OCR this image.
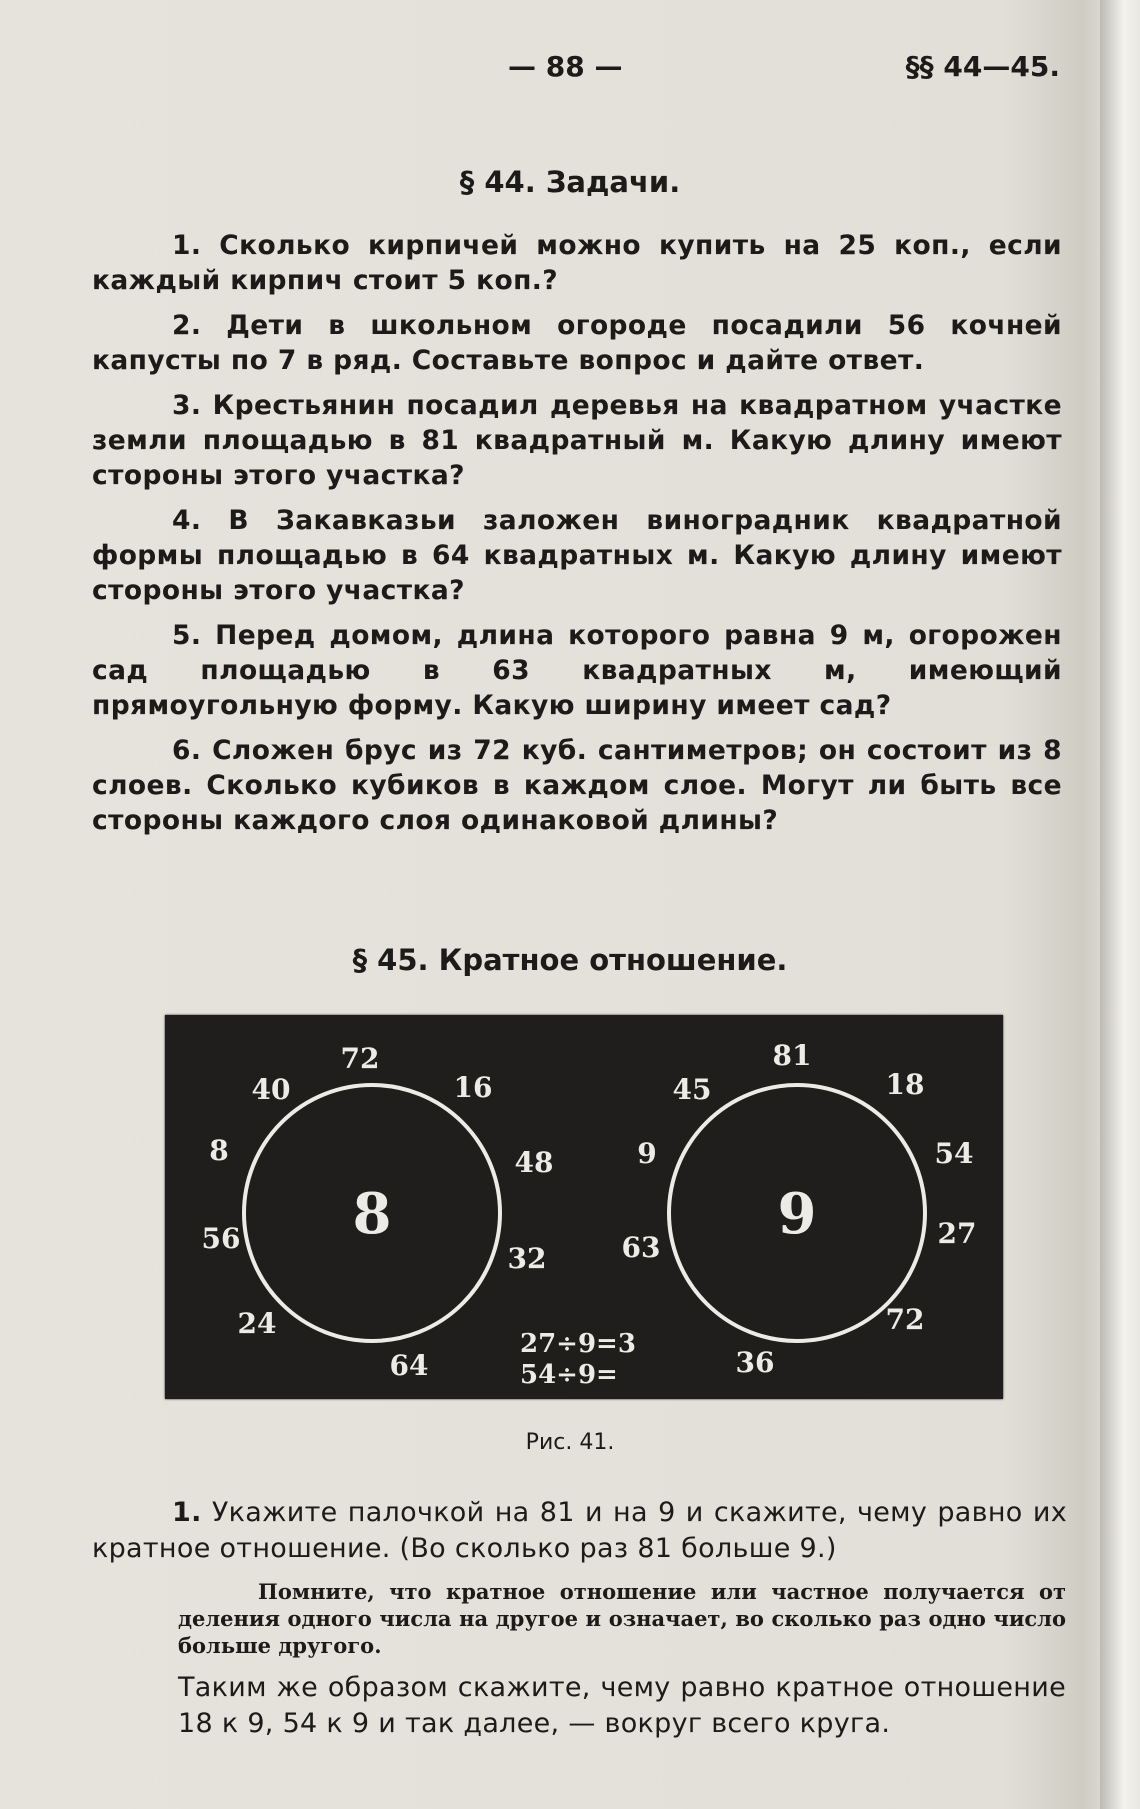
— 88 —	§§ 44—45.
§ 44. Задачи.

1. Сколько кирпичей можно купить на 25 коп., если каждый кирпич стоит 5 коп.?

2. Дети в школьном огороде посадили 56 кочней капусты по 7 в ряд. Составьте вопрос и дайте ответ.

3. Крестьянин посадил деревья на квадратном участке земли площадью в 81 квадратный м. Какую длину имеют стороны этого участка?

4. В Закавказьи заложен виноградник квадратной формы площадью в 64 квадратных м. Какую длину имеют стороны этого участка?

5. Перед домом, длина которого равна 9 м, огорожен сад площадью в 63 квадратных м, имеющий прямоугольную форму. Какую ширину имеет сад?

6. Сложен брус из 72 куб. сантиметров; он состоит из 8 слоев. Сколько кубиков в каждом слое. Могут ли быть все стороны каждого слоя одинаковой длины?

§ 45. Кратное отношение.
8	9
72
16
48
32
64
24
56
8
40
81
18
54
27
72
36
63
9
45
27÷9=3
54÷9=
Рис. 41.
1. Укажите палочкой на 81 и на 9 и скажите, чему равно их кратное отношение. (Во сколько раз 81 больше 9.)
Помните, что кратное отношение или частное получается от деления одного числа на другое и означает, во сколько раз одно число больше другого.
Таким же образом скажите, чему равно кратное отношение 18 к 9, 54 к 9 и так далее, — вокруг всего круга.
